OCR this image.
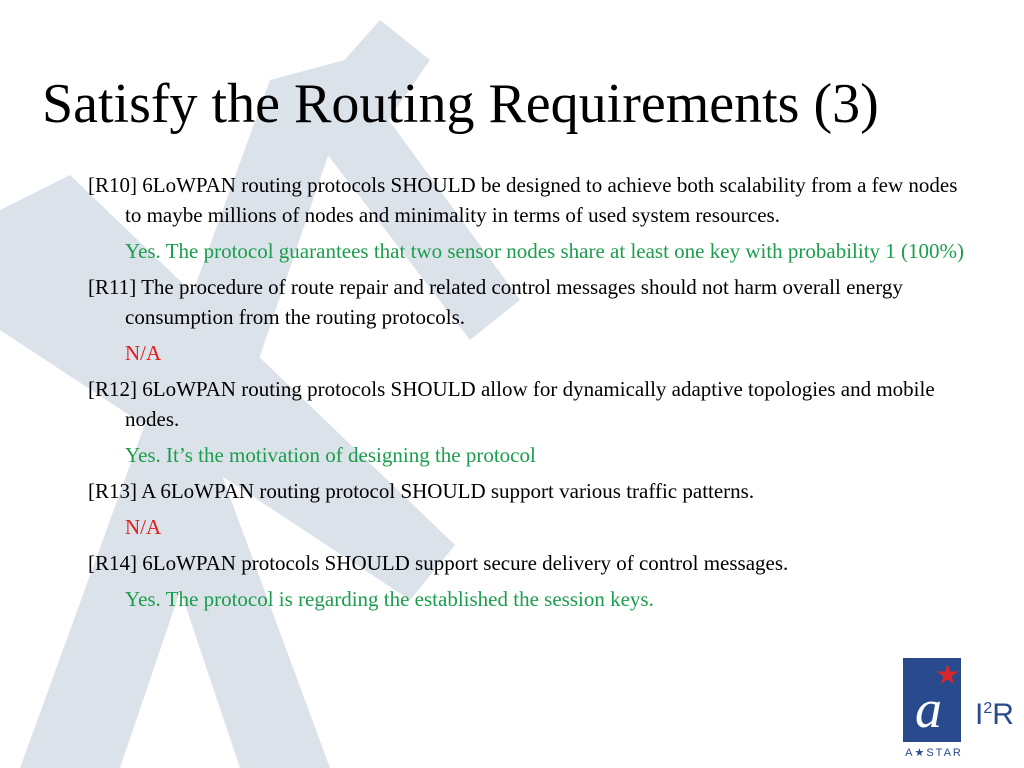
Satisfy the Routing Requirements (3)

[R10] 6LoWPAN routing protocols SHOULD be designed to achieve both scalability from a few nodes to maybe millions of nodes and minimality in terms of used system resources.

Yes. The protocol guarantees that two sensor nodes share at least one key with probability 1 (100%)

[R11] The procedure of route repair and related control messages should not harm overall energy consumption from the routing protocols.

N/A

[R12] 6LoWPAN routing protocols SHOULD allow for dynamically adaptive topologies and mobile nodes.

Yes. It’s the motivation of designing the protocol

[R13] A 6LoWPAN routing protocol SHOULD support various traffic patterns.

N/A

[R14] 6LoWPAN protocols SHOULD support secure delivery of control messages.

Yes. The protocol is regarding the established the session keys.

a
★
$I^2R$
A★STAR
